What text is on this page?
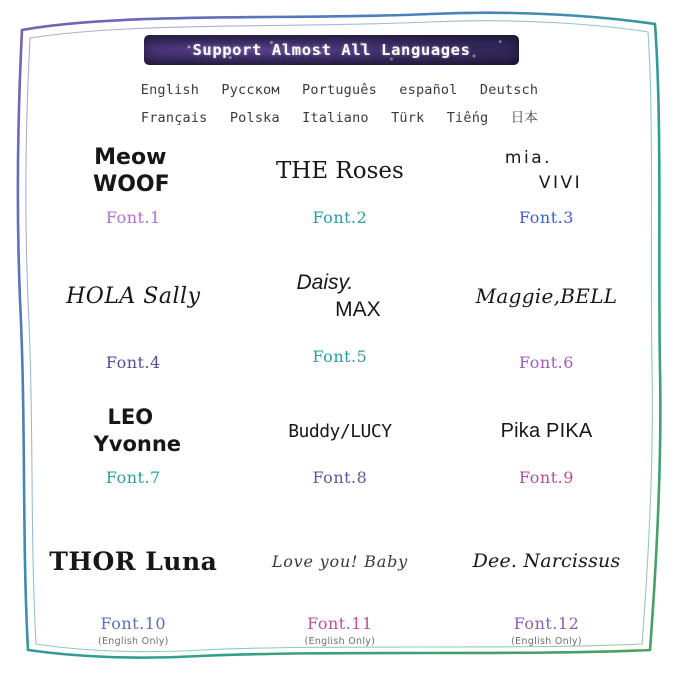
Support Almost All Languages
English Русском Português español Deutsch
Français Polska Italiano Türk Tiếng 日本
Meow
WOOF
Font.1
THE Roses
Font.2
mia.
VIVI
Font.3
HOLA Sally
Font.4
Daisy.
MAX
Font.5
Maggie,BELL
Font.6
LEO
Yvonne
Font.7
Buddy/LUCY
Font.8
Pika PIKA
Font.9
THOR Luna
Font.10
(English Only)
Love you! Baby
Font.11
(English Only)
Dee. Narcissus
Font.12
(English Only)
